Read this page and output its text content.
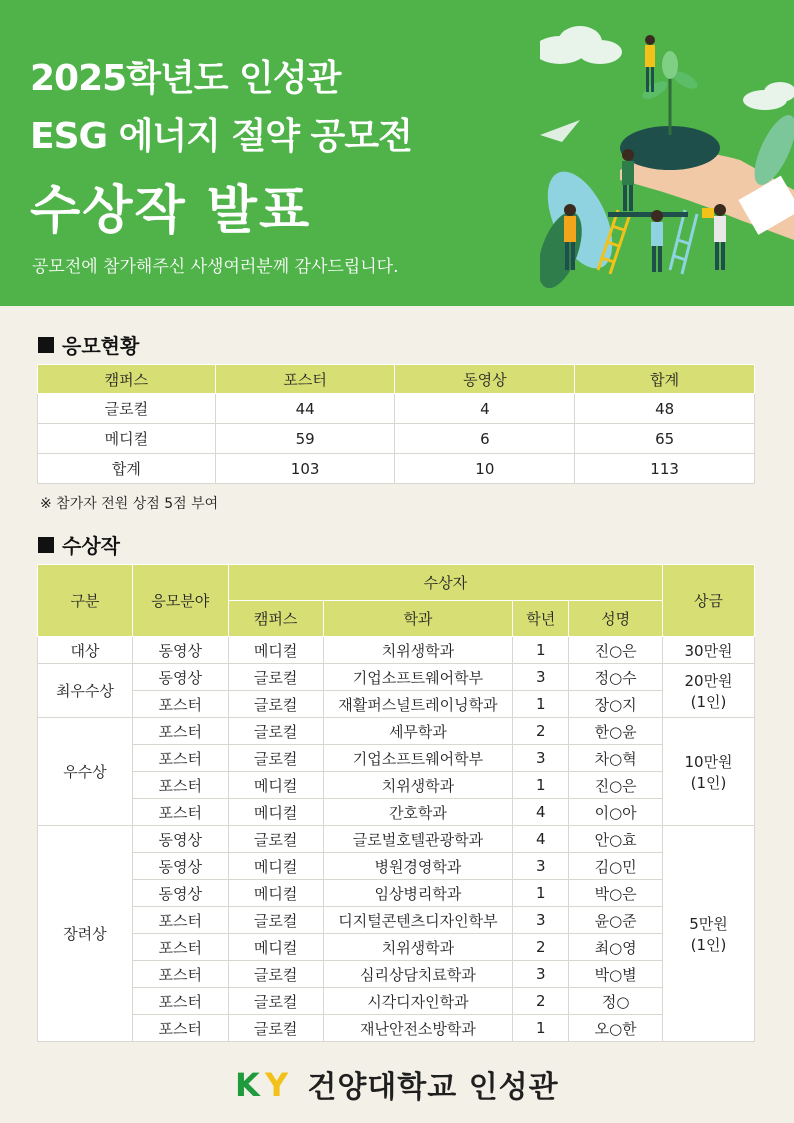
2025학년도 인성관
ESG 에너지 절약 공모전
수상작 발표
공모전에 참가해주신 사생여러분께 감사드립니다.
응모현황
캠퍼스	포스터	동영상	합계
글로컬	44	4	48
메디컬	59	6	65
합계	103	10	113
※ 참가자 전원 상점 5점 부여
수상작
구분	응모분야	수상자				상금
		캠퍼스	학과	학년	성명	
대상	동영상	메디컬	치위생학과	1	진○은	30만원
최우수상	동영상	글로컬	기업소프트웨어학부	3	정○수	20만원
(1인)

	포스터	글로컬	재활퍼스널트레이닝학과	1	장○지	
우수상	포스터	글로컬	세무학과	2	한○윤	10만원
(1인)

	포스터	글로컬	기업소프트웨어학부	3	차○혁	
	포스터	메디컬	치위생학과	1	진○은	
	포스터	메디컬	간호학과	4	이○아	
장려상	동영상	글로컬	글로벌호텔관광학과	4	안○효	5만원
(1인)

	동영상	메디컬	병원경영학과	3	김○민	
	동영상	메디컬	임상병리학과	1	박○은	
	포스터	글로컬	디지털콘텐츠디자인학부	3	윤○준	
	포스터	메디컬	치위생학과	2	최○영	
	포스터	글로컬	심리상담치료학과	3	박○별	
	포스터	글로컬	시각디자인학과	2	정○	
	포스터	글로컬	재난안전소방학과	1	오○한	
K Y 건양대학교 인성관
